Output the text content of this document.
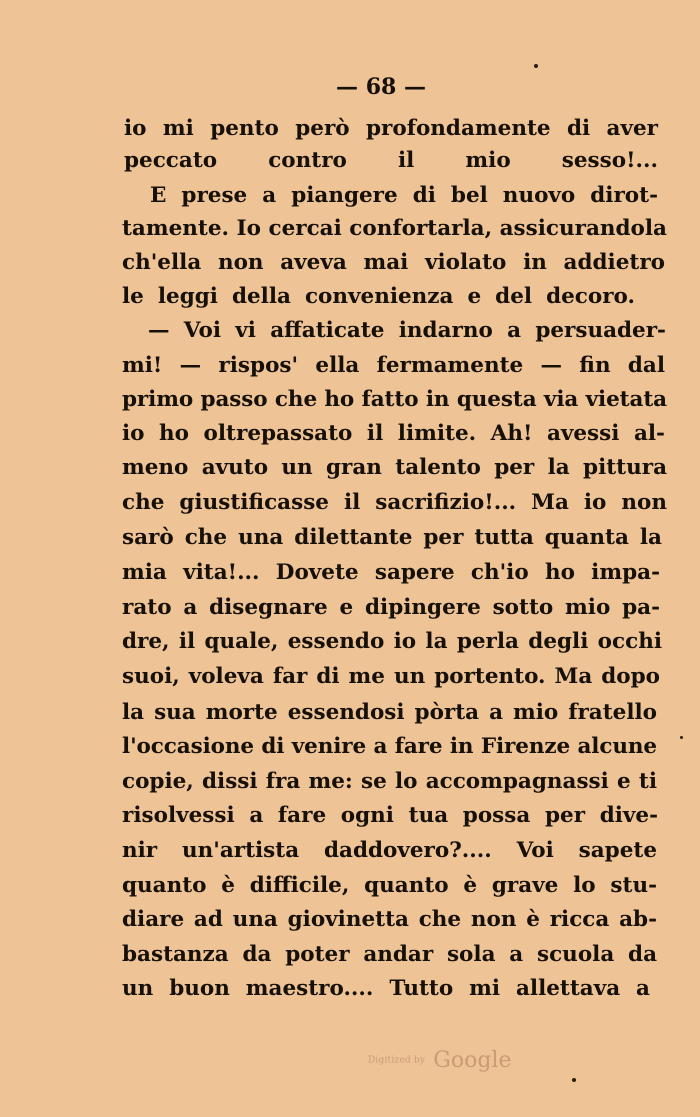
— 68 —
io mi pento però profondamente di aver
peccato contro il mio sesso!...
E prese a piangere di bel nuovo dirot-
tamente. Io cercai confortarla, assicurandola
ch'ella non aveva mai violato in addietro
le leggi della convenienza e del decoro.
— Voi vi affaticate indarno a persuader-
mi! — rispos' ella fermamente — fin dal
primo passo che ho fatto in questa via vietata
io ho oltrepassato il limite. Ah! avessi al-
meno avuto un gran talento per la pittura
che giustificasse il sacrifizio!... Ma io non
sarò che una dilettante per tutta quanta la
mia vita!... Dovete sapere ch'io ho impa-
rato a disegnare e dipingere sotto mio pa-
dre, il quale, essendo io la perla degli occhi
suoi, voleva far di me un portento. Ma dopo
la sua morte essendosi pòrta a mio fratello
l'occasione di venire a fare in Firenze alcune
copie, dissi fra me: se lo accompagnassi e ti
risolvessi a fare ogni tua possa per dive-
nir un'artista daddovero?.... Voi sapete
quanto è difficile, quanto è grave lo stu-
diare ad una giovinetta che non è ricca ab-
bastanza da poter andar sola a scuola da
un buon maestro.... Tutto mi allettava a
Digitized by Google
